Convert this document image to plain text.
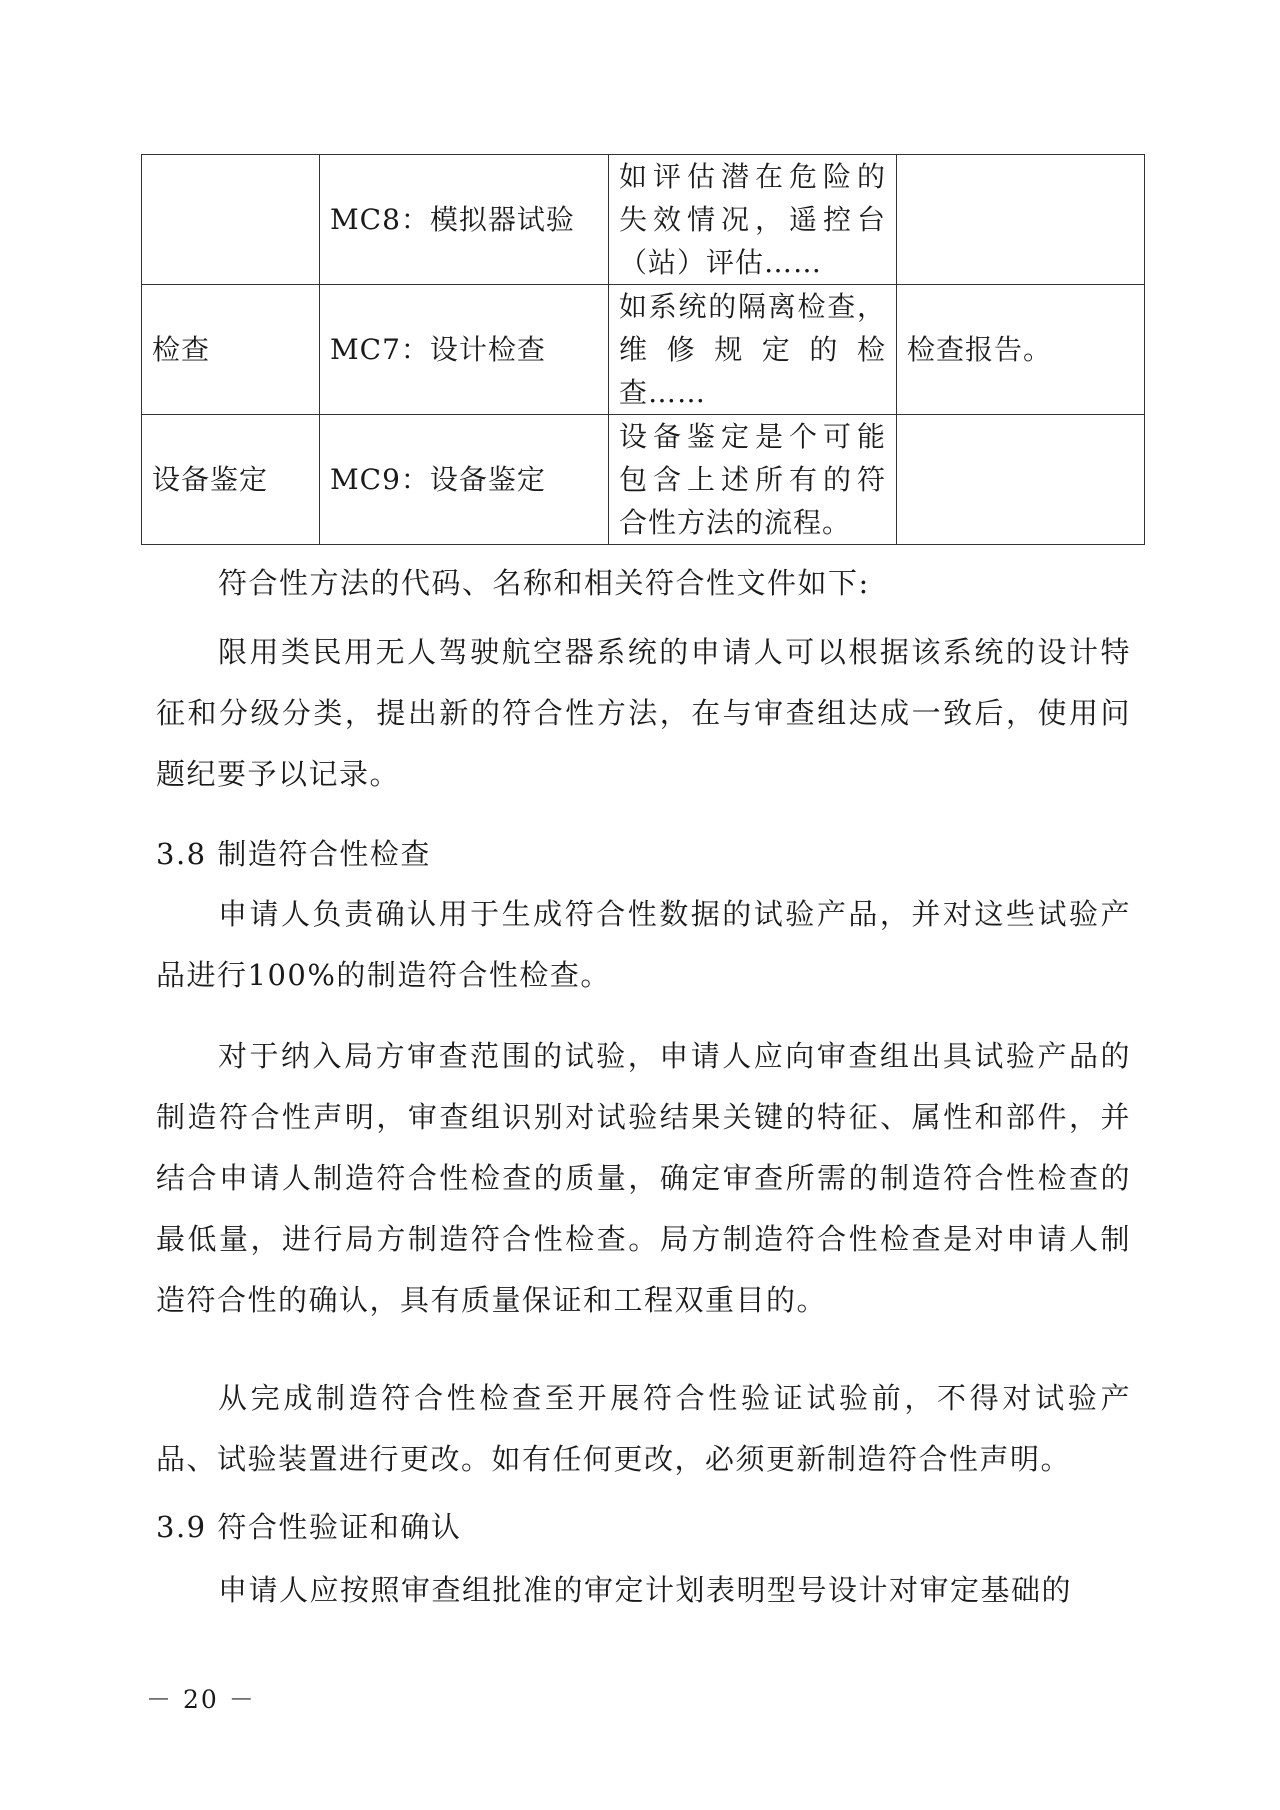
	MC8：模拟器试验	如评估潜在危险的
失效情况，遥控台
（站）评估……	

检查	MC7：设计检查	如系统的隔离检查，
维 修 规 定 的 检
查……	检查报告。
设备鉴定	MC9：设备鉴定	设备鉴定是个可能
包含上述所有的符
合性方法的流程。	

符合性方法的代码、名称和相关符合性文件如下:

限用类民用无人驾驶航空器系统的申请人可以根据该系统的设计特征和分级分类，提出新的符合性方法，在与审查组达成一致后，使用问题纪要予以记录。

3.8 制造符合性检查

申请人负责确认用于生成符合性数据的试验产品，并对这些试验产品进行100%的制造符合性检查。

对于纳入局方审查范围的试验，申请人应向审查组出具试验产品的制造符合性声明，审查组识别对试验结果关键的特征、属性和部件，并结合申请人制造符合性检查的质量，确定审查所需的制造符合性检查的最低量，进行局方制造符合性检查。局方制造符合性检查是对申请人制造符合性的确认，具有质量保证和工程双重目的。

从完成制造符合性检查至开展符合性验证试验前，不得对试验产品、试验装置进行更改。如有任何更改，必须更新制造符合性声明。

3.9 符合性验证和确认

申请人应按照审查组批准的审定计划表明型号设计对审定基础的

－ 20 －
